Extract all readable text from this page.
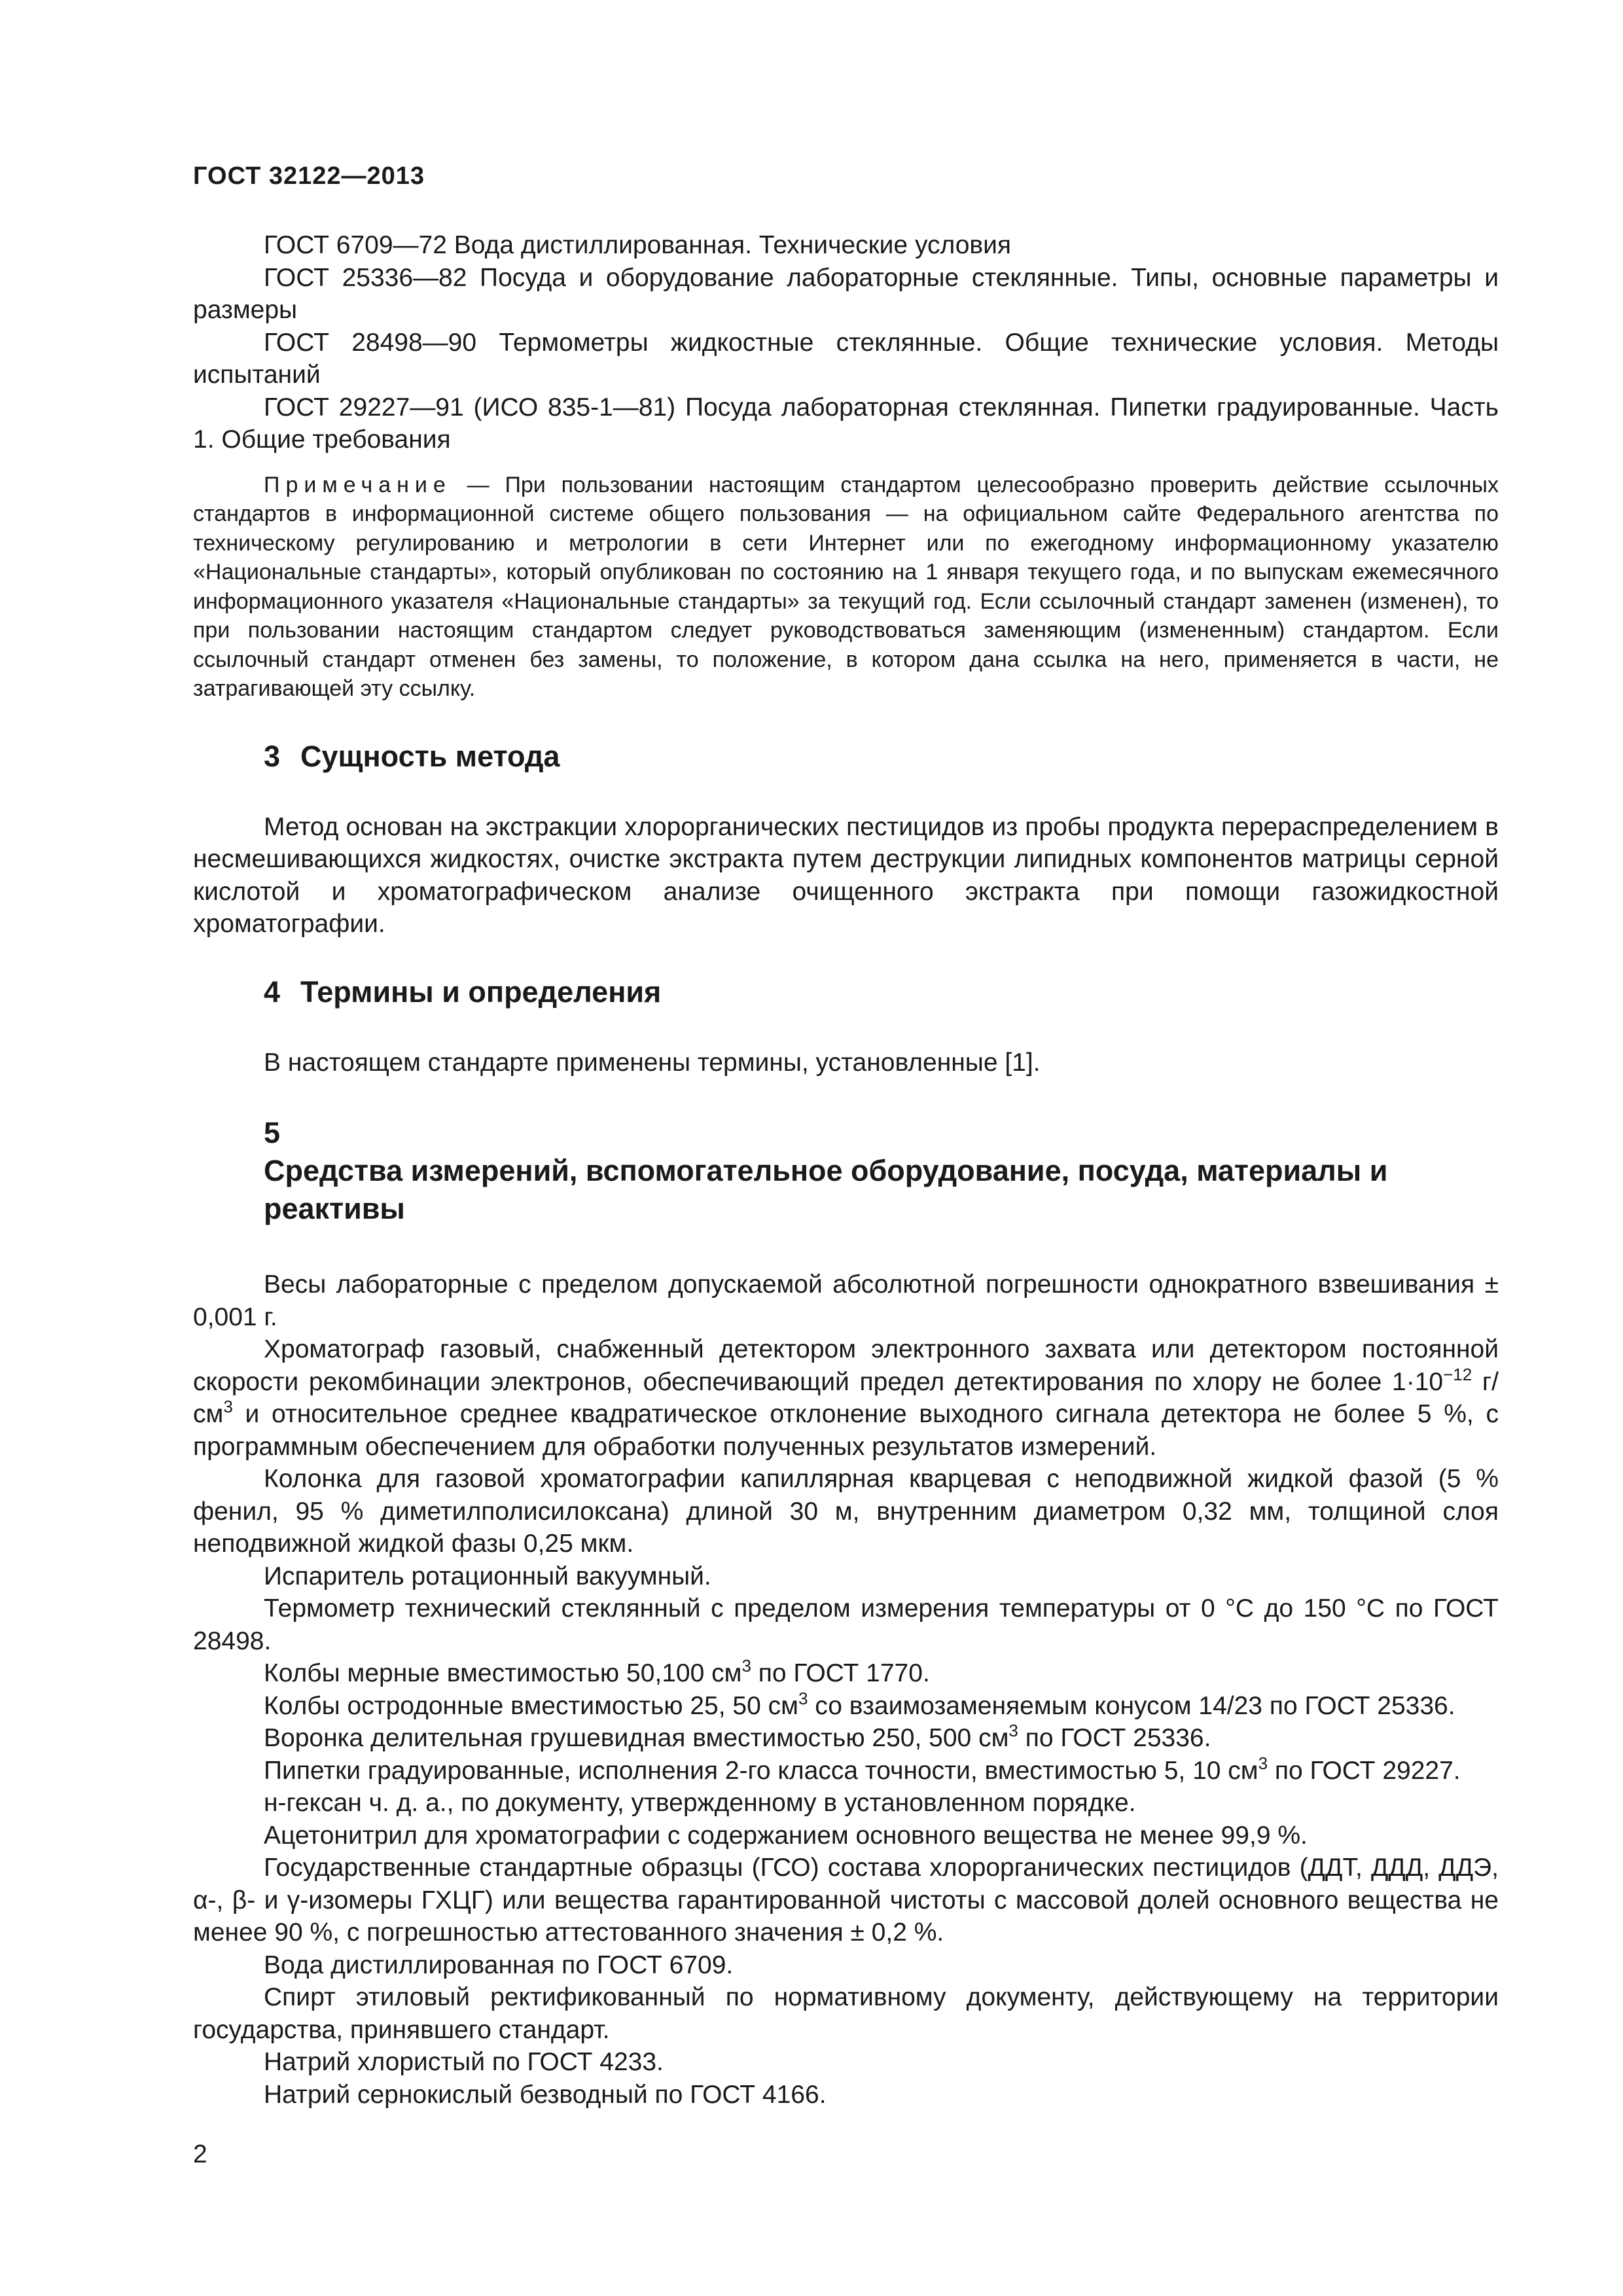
ГОСТ 32122—2013

ГОСТ 6709—72 Вода дистиллированная. Технические условия

ГОСТ 25336—82 Посуда и оборудование лабораторные стеклянные. Типы, основные параметры и размеры

ГОСТ 28498—90 Термометры жидкостные стеклянные. Общие технические условия. Методы испытаний

ГОСТ 29227—91 (ИСО 835-1—81) Посуда лабораторная стеклянная. Пипетки градуированные. Часть 1. Общие требования

Примечание — При пользовании настоящим стандартом целесообразно проверить действие ссылочных стандартов в информационной системе общего пользования — на официальном сайте Федерального агентства по техническому регулированию и метрологии в сети Интернет или по ежегодному информационному указателю «Национальные стандарты», который опубликован по состоянию на 1 января текущего года, и по выпускам ежемесячного информационного указателя «Национальные стандарты» за текущий год. Если ссылочный стандарт заменен (изменен), то при пользовании настоящим стандартом следует руководствоваться заменяющим (измененным) стандартом. Если ссылочный стандарт отменен без замены, то положение, в котором дана ссылка на него, применяется в части, не затрагивающей эту ссылку.

3 Сущность метода

Метод основан на экстракции хлорорганических пестицидов из пробы продукта перераспределением в несмешивающихся жидкостях, очистке экстракта путем деструкции липидных компонентов матрицы серной кислотой и хроматографическом анализе очищенного экстракта при помощи газожидкостной хроматографии.

4 Термины и определения

В настоящем стандарте применены термины, установленные [1].

5Средства измерений, вспомогательное оборудование, посуда, материалы и реактивы

Весы лабораторные с пределом допускаемой абсолютной погрешности однократного взвешивания ± 0,001 г.

Хроматограф газовый, снабженный детектором электронного захвата или детектором постоянной скорости рекомбинации электронов, обеспечивающий предел детектирования по хлору не более $1\cdot 10^{-12}$ $г/см^3$ и относительное среднее квадратическое отклонение выходного сигнала детектора не более 5 %, с программным обеспечением для обработки полученных результатов измерений.

Колонка для газовой хроматографии капиллярная кварцевая с неподвижной жидкой фазой (5 % фенил, 95 % диметилполисилоксана) длиной 30 м, внутренним диаметром 0,32 мм, толщиной слоя неподвижной жидкой фазы 0,25 мкм.

Испаритель ротационный вакуумный.

Термометр технический стеклянный с пределом измерения температуры от 0 °С до 150 °С по ГОСТ 28498.

Колбы мерные вместимостью 50,100 $см^3$ по ГОСТ 1770.

Колбы остродонные вместимостью 25, 50 $см^3$ со взаимозаменяемым конусом 14/23 по ГОСТ 25336.

Воронка делительная грушевидная вместимостью 250, 500 $см^3$ по ГОСТ 25336.

Пипетки градуированные, исполнения 2-го класса точности, вместимостью 5, 10 $см^3$ по ГОСТ 29227.

н-гексан ч. д. а., по документу, утвержденному в установленном порядке.

Ацетонитрил для хроматографии с содержанием основного вещества не менее 99,9 %.

Государственные стандартные образцы (ГСО) состава хлорорганических пестицидов (ДДТ, ДДД, ДДЭ, α-, β- и γ-изомеры ГХЦГ) или вещества гарантированной чистоты с массовой долей основного вещества не менее 90 %, с погрешностью аттестованного значения ± 0,2 %.

Вода дистиллированная по ГОСТ 6709.

Спирт этиловый ректификованный по нормативному документу, действующему на территории государства, принявшего стандарт.

Натрий хлористый по ГОСТ 4233.

Натрий сернокислый безводный по ГОСТ 4166.

2
